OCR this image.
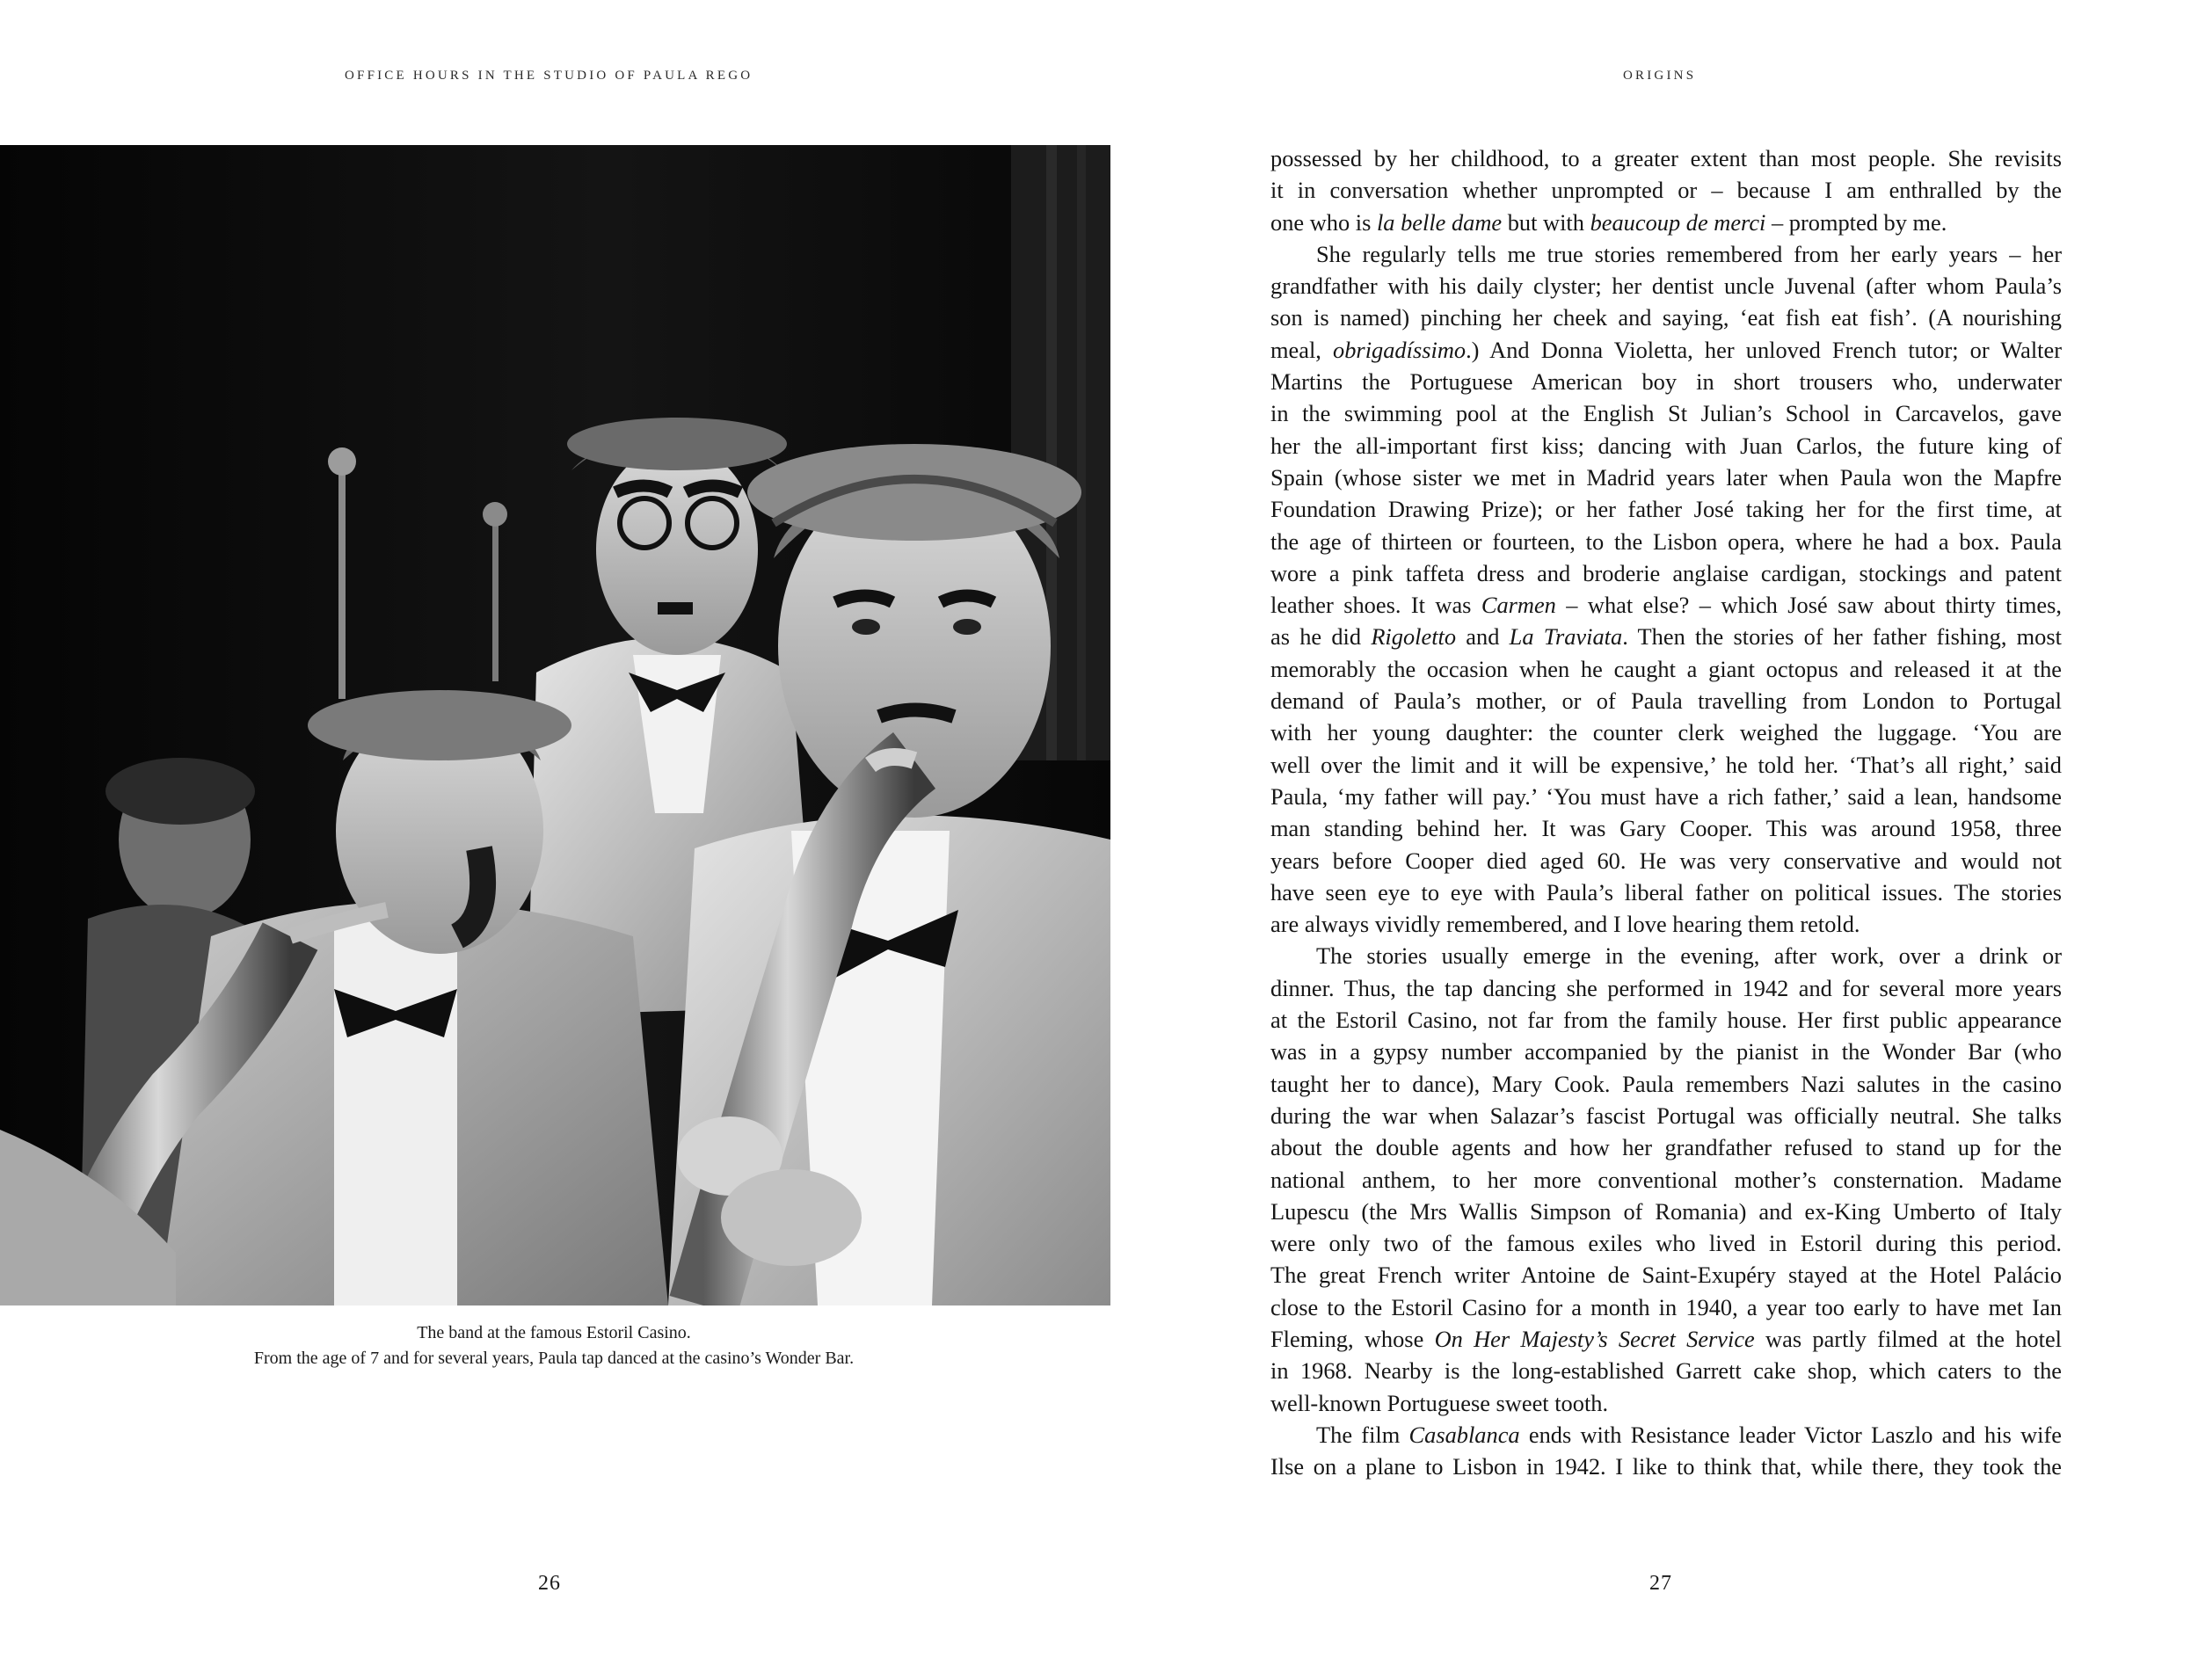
OFFICE HOURS IN THE STUDIO OF PAULA REGO
The band at the famous Estoril Casino.
From the age of 7 and for several years, Paula tap danced at the casino’s Wonder Bar.
26
ORIGINS

possessed by her childhood, to a greater extent than most people. She revisits

it in conversation whether unprompted or – because I am enthralled by the

one who is la belle dame but with beaucoup de merci – prompted by me.

She regularly tells me true stories remembered from her early years – her

grandfather with his daily clyster; her dentist uncle Juvenal (after whom Paula’s

son is named) pinching her cheek and saying, ‘eat fish eat fish’. (A nourishing

meal, obrigadíssimo.) And Donna Violetta, her unloved French tutor; or Walter

Martins the Portuguese American boy in short trousers who, underwater

in the swimming pool at the English St Julian’s School in Carcavelos, gave

her the all-important first kiss; dancing with Juan Carlos, the future king of

Spain (whose sister we met in Madrid years later when Paula won the Mapfre

Foundation Drawing Prize); or her father José taking her for the first time, at

the age of thirteen or fourteen, to the Lisbon opera, where he had a box. Paula

wore a pink taffeta dress and broderie anglaise cardigan, stockings and patent

leather shoes. It was Carmen – what else? – which José saw about thirty times,

as he did Rigoletto and La Traviata. Then the stories of her father fishing, most

memorably the occasion when he caught a giant octopus and released it at the

demand of Paula’s mother, or of Paula travelling from London to Portugal

with her young daughter: the counter clerk weighed the luggage. ‘You are

well over the limit and it will be expensive,’ he told her. ‘That’s all right,’ said

Paula, ‘my father will pay.’ ‘You must have a rich father,’ said a lean, handsome

man standing behind her. It was Gary Cooper. This was around 1958, three

years before Cooper died aged 60. He was very conservative and would not

have seen eye to eye with Paula’s liberal father on political issues. The stories

are always vividly remembered, and I love hearing them retold.

The stories usually emerge in the evening, after work, over a drink or

dinner. Thus, the tap dancing she performed in 1942 and for several more years

at the Estoril Casino, not far from the family house. Her first public appearance

was in a gypsy number accompanied by the pianist in the Wonder Bar (who

taught her to dance), Mary Cook. Paula remembers Nazi salutes in the casino

during the war when Salazar’s fascist Portugal was officially neutral. She talks

about the double agents and how her grandfather refused to stand up for the

national anthem, to her more conventional mother’s consternation. Madame

Lupescu (the Mrs Wallis Simpson of Romania) and ex-King Umberto of Italy

were only two of the famous exiles who lived in Estoril during this period.

The great French writer Antoine de Saint-Exupéry stayed at the Hotel Palácio

close to the Estoril Casino for a month in 1940, a year too early to have met Ian

Fleming, whose On Her Majesty’s Secret Service was partly filmed at the hotel

in 1968. Nearby is the long-established Garrett cake shop, which caters to the

well-known Portuguese sweet tooth.

The film Casablanca ends with Resistance leader Victor Laszlo and his wife

Ilse on a plane to Lisbon in 1942. I like to think that, while there, they took the

27
